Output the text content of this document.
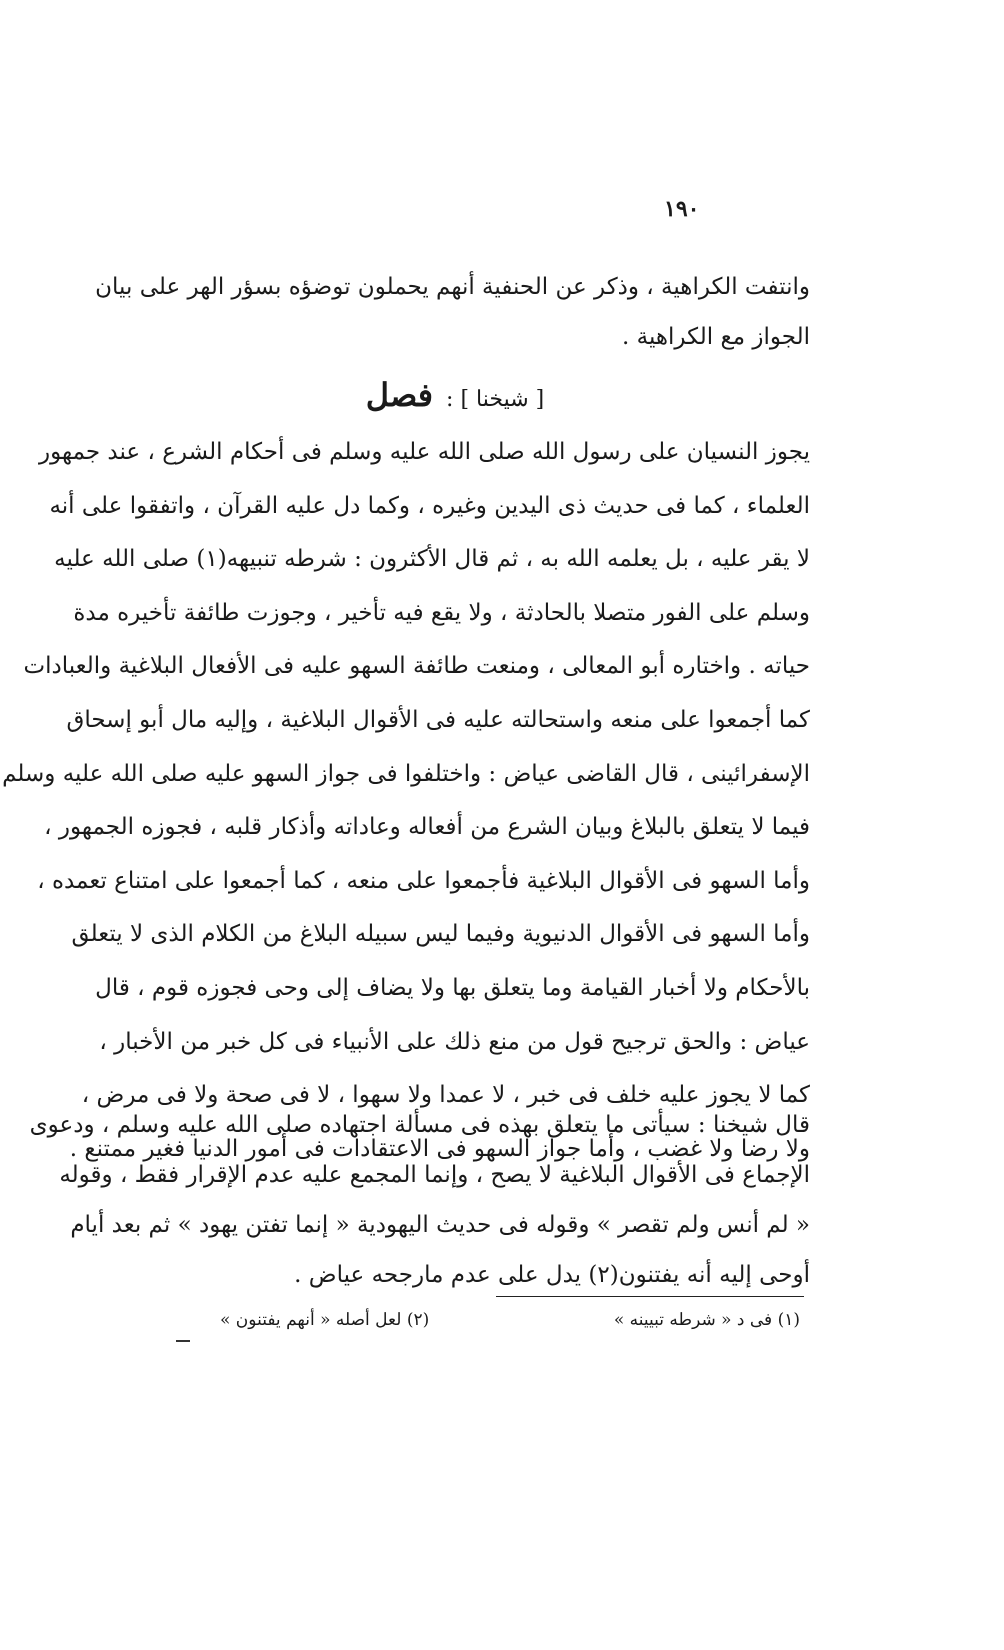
١٩٠
وانتفت الكراهية ، وذكر عن الحنفية أنهم يحملون توضؤه بسؤر الهر على بيان
الجواز مع الكراهية .
[ شيخنا ] : فصل
يجوز النسيان على رسول الله صلى الله عليه وسلم فى أحكام الشرع ، عند جمهور
العلماء ، كما فى حديث ذى اليدين وغيره ، وكما دل عليه القرآن ، واتفقوا على أنه
لا يقر عليه ، بل يعلمه الله به ، ثم قال الأكثرون : شرطه تنبيهه(١) صلى الله عليه
وسلم على الفور متصلا بالحادثة ، ولا يقع فيه تأخير ، وجوزت طائفة تأخيره مدة
حياته . واختاره أبو المعالى ، ومنعت طائفة السهو عليه فى الأفعال البلاغية والعبادات
كما أجمعوا على منعه واستحالته عليه فى الأقوال البلاغية ، وإليه مال أبو إسحاق
الإسفرائينى ، قال القاضى عياض : واختلفوا فى جواز السهو عليه صلى الله عليه وسلم
فيما لا يتعلق بالبلاغ وبيان الشرع من أفعاله وعاداته وأذكار قلبه ، فجوزه الجمهور ،
وأما السهو فى الأقوال البلاغية فأجمعوا على منعه ، كما أجمعوا على امتناع تعمده ،
وأما السهو فى الأقوال الدنيوية وفيما ليس سبيله البلاغ من الكلام الذى لا يتعلق
بالأحكام ولا أخبار القيامة وما يتعلق بها ولا يضاف إلى وحى فجوزه قوم ، قال
عياض : والحق ترجيح قول من منع ذلك على الأنبياء فى كل خبر من الأخبار ،
كما لا يجوز عليه خلف فى خبر ، لا عمدا ولا سهوا ، لا فى صحة ولا فى مرض ،
ولا رضا ولا غضب ، وأما جواز السهو فى الاعتقادات فى أمور الدنيا فغير ممتنع .
قال شيخنا : سيأتى ما يتعلق بهذه فى مسألة اجتهاده صلى الله عليه وسلم ، ودعوى
الإجماع فى الأقوال البلاغية لا يصح ، وإنما المجمع عليه عدم الإقرار فقط ، وقوله
« لم أنس ولم تقصر » وقوله فى حديث اليهودية « إنما تفتن يهود » ثم بعد أيام
أوحى إليه أنه يفتنون(٢) يدل على عدم مارجحه عياض .
(١) فى د « شرطه تبيينه »
(٢) لعل أصله « أنهم يفتنون »
